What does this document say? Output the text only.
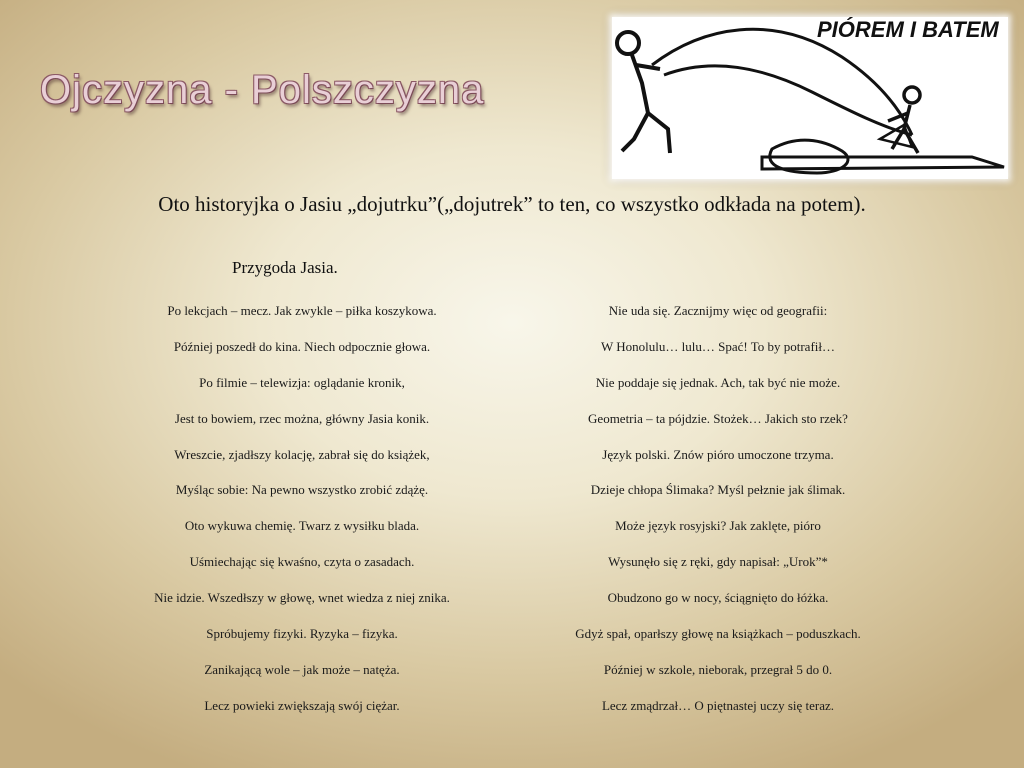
Ojczyzna - Polszczyzna
PIÓREM I BATEM

Oto historyjka o Jasiu „dojutrku”(„dojutrek” to ten, co wszystko odkłada na potem).

Przygoda Jasia.
Po lekcjach – mecz. Jak zwykle – piłka koszykowa.
Później poszedł do kina. Niech odpocznie głowa.
Po filmie – telewizja: oglądanie kronik,
Jest to bowiem, rzec można, główny Jasia konik.
Wreszcie, zjadłszy kolację, zabrał się do książek,
Myśląc sobie: Na pewno wszystko zrobić zdążę.
Oto wykuwa chemię. Twarz z wysiłku blada.
Uśmiechając się kwaśno, czyta o zasadach.
Nie idzie. Wszedłszy w głowę, wnet wiedza z niej znika.
Spróbujemy fizyki. Ryzyka – fizyka.
Zanikającą wole – jak może – natęża.
Lecz powieki zwiększają swój ciężar.
Nie uda się. Zacznijmy więc od geografii:
W Honolulu… lulu… Spać! To by potrafił…
Nie poddaje się jednak. Ach, tak być nie może.
Geometria – ta pójdzie. Stożek… Jakich sto rzek?
Język polski. Znów pióro umoczone trzyma.
Dzieje chłopa Ślimaka? Myśl pełznie jak ślimak.
Może język rosyjski? Jak zaklęte, pióro
Wysunęło się z ręki, gdy napisał: „Urok”*
Obudzono go w nocy, ściągnięto do łóżka.
Gdyż spał, oparłszy głowę na książkach – poduszkach.
Później w szkole, nieborak, przegrał 5 do 0.
Lecz zmądrzał… O piętnastej uczy się teraz.
